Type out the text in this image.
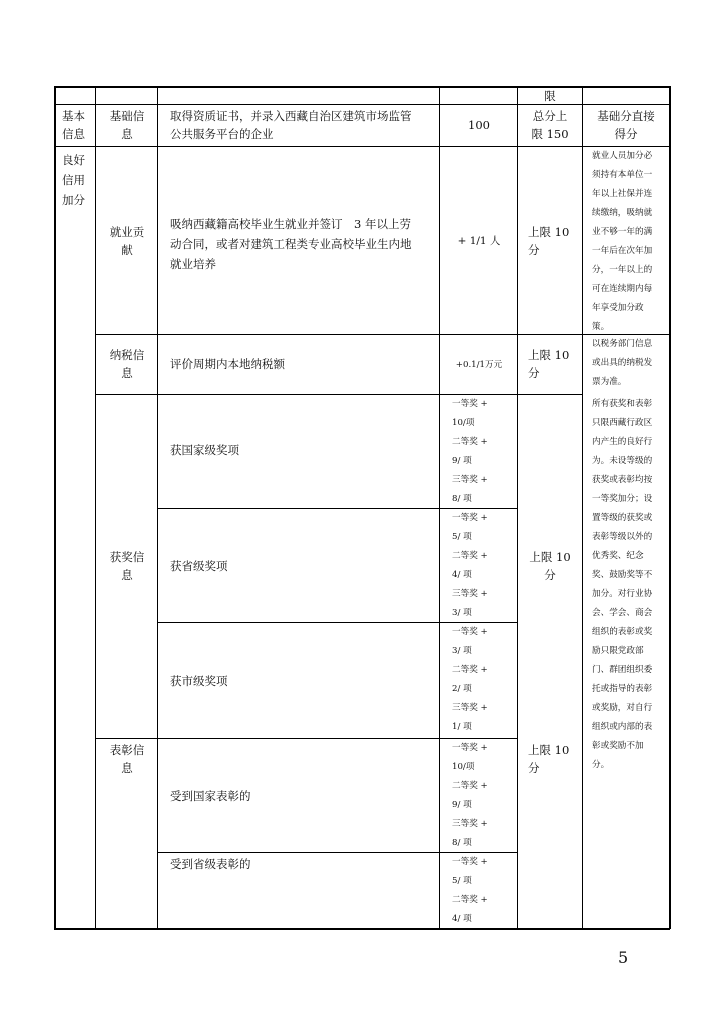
限
基本
信息
基础信
息
取得资质证书，并录入西藏自治区建筑市场监管
公共服务平台的企业
100
总分上
限 150
基础分直接
得分
良好
信用
加分
就业贡
献
吸纳西藏籍高校毕业生就业并签订　3 年以上劳
动合同，或者对建筑工程类专业高校毕业生内地
就业培养
+ 1/1 人
上限 10
分
就业人员加分必
须持有本单位一
年以上社保并连
续缴纳，吸纳就
业不够一年的满
一年后在次年加
分，一年以上的
可在连续期内每
年享受加分政
策。
纳税信
息
评价周期内本地纳税额	+0.1/1万元
上限 10
分
以税务部门信息
或出具的纳税发
票为准。
获奖信
息
获国家级奖项
一等奖 +
10/项
二等奖 +
9/ 项
三等奖 +
8/ 项
获省级奖项
一等奖 +
5/ 项
二等奖 +
4/ 项
三等奖 +
3/ 项
获市级奖项
一等奖 +
3/ 项
二等奖 +
2/ 项
三等奖 +
1/ 项
上限 10
分
所有获奖和表彰
只限西藏行政区
内产生的良好行
为。未设等级的
获奖或表彰均按
一等奖加分；设
置等级的获奖或
表彰等级以外的
优秀奖、纪念
奖、鼓励奖等不
加分。对行业协
会、学会、商会
组织的表彰或奖
励只限党政部
门、群团组织委
托或指导的表彰
或奖励，对自行
组织或内部的表
彰或奖励不加
分。
表彰信
息
受到国家表彰的
一等奖 +
10/项
二等奖 +
9/ 项
三等奖 +
8/ 项
受到省级表彰的	一等奖 +
5/ 项
二等奖 +
4/ 项
上限 10
分
5
